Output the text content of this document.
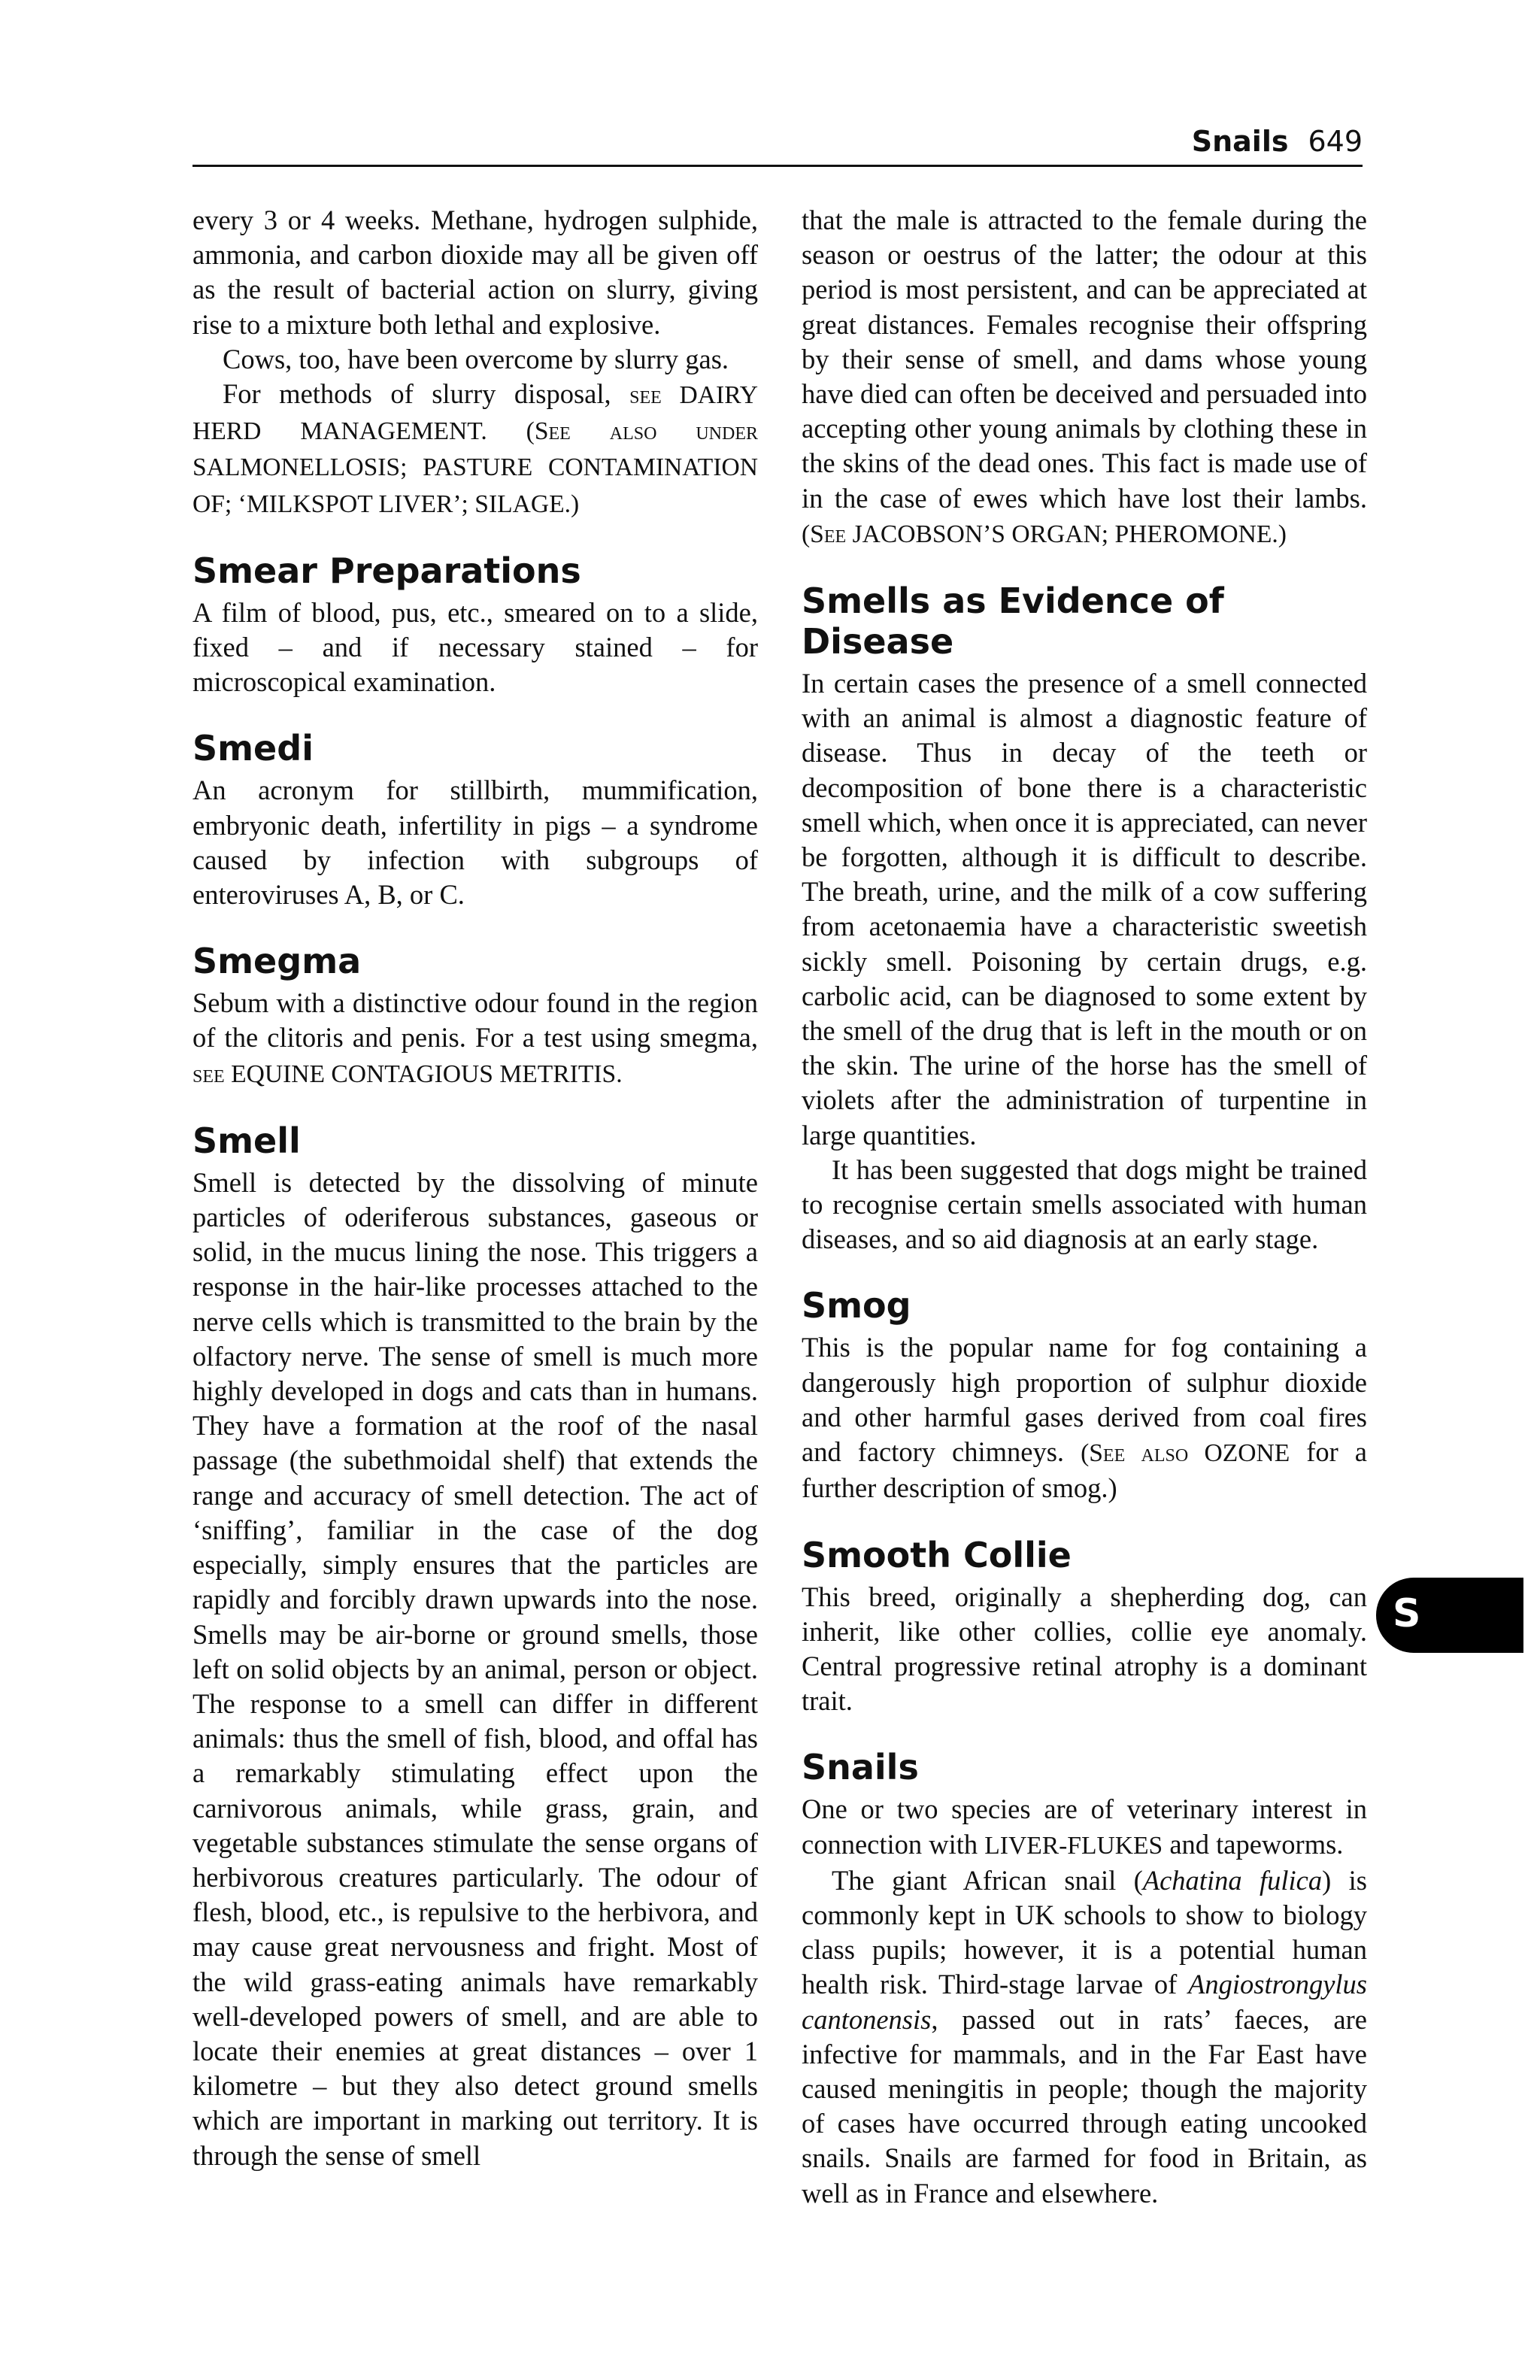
Snails 649

every 3 or 4 weeks. Methane, hydrogen sulphide, ammonia, and carbon dioxide may all be given off as the result of bacterial action on slurry, giving rise to a mixture both lethal and explosive.

Cows, too, have been overcome by slurry gas.

For methods of slurry disposal, see DAIRY HERD MANAGEMENT. (See also under SALMONELLOSIS; PASTURE CONTAMINATION OF; ‘MILKSPOT LIVER’; SILAGE.)

Smear Preparations

A film of blood, pus, etc., smeared on to a slide, fixed – and if necessary stained – for microscopical examination.

Smedi

An acronym for stillbirth, mummification, embryonic death, infertility in pigs – a syndrome caused by infection with subgroups of enteroviruses A, B, or C.

Smegma

Sebum with a distinctive odour found in the region of the clitoris and penis. For a test using smegma, see EQUINE CONTAGIOUS METRITIS.

Smell

Smell is detected by the dissolving of minute particles of oderiferous substances, gaseous or solid, in the mucus lining the nose. This triggers a response in the hair-like processes attached to the nerve cells which is transmitted to the brain by the olfactory nerve. The sense of smell is much more highly developed in dogs and cats than in humans. They have a formation at the roof of the nasal passage (the subethmoidal shelf) that extends the range and accuracy of smell detection. The act of ‘sniffing’, familiar in the case of the dog especially, simply ensures that the particles are rapidly and forcibly drawn upwards into the nose. Smells may be air-borne or ground smells, those left on solid objects by an animal, person or object. The response to a smell can differ in different animals: thus the smell of fish, blood, and offal has a remarkably stimulating effect upon the carnivorous animals, while grass, grain, and vegetable substances stimulate the sense organs of herbivorous creatures particularly. The odour of flesh, blood, etc., is repulsive to the herbivora, and may cause great nervousness and fright. Most of the wild grass-eating animals have remarkably well-developed powers of smell, and are able to locate their enemies at great distances – over 1 kilometre – but they also detect ground smells which are important in marking out territory. It is through the sense of smell

that the male is attracted to the female during the season or oestrus of the latter; the odour at this period is most persistent, and can be appreciated at great distances. Females recognise their offspring by their sense of smell, and dams whose young have died can often be deceived and persuaded into accepting other young animals by clothing these in the skins of the dead ones. This fact is made use of in the case of ewes which have lost their lambs. (See JACOBSON’S ORGAN; PHEROMONE.)

Smells as Evidence of Disease

In certain cases the presence of a smell connected with an animal is almost a diagnostic feature of disease. Thus in decay of the teeth or decomposition of bone there is a characteristic smell which, when once it is appreciated, can never be forgotten, although it is difficult to describe. The breath, urine, and the milk of a cow suffering from acetonaemia have a characteristic sweetish sickly smell. Poisoning by certain drugs, e.g. carbolic acid, can be diagnosed to some extent by the smell of the drug that is left in the mouth or on the skin. The urine of the horse has the smell of violets after the administration of turpentine in large quantities.

It has been suggested that dogs might be trained to recognise certain smells associated with human diseases, and so aid diagnosis at an early stage.

Smog

This is the popular name for fog containing a dangerously high proportion of sulphur dioxide and other harmful gases derived from coal fires and factory chimneys. (See also OZONE for a further description of smog.)

Smooth Collie

This breed, originally a shepherding dog, can inherit, like other collies, collie eye anomaly. Central progressive retinal atrophy is a dominant trait.

Snails

One or two species are of veterinary interest in connection with LIVER-FLUKES and tapeworms.

The giant African snail (Achatina fulica) is commonly kept in UK schools to show to biology class pupils; however, it is a potential human health risk. Third-stage larvae of Angiostrongylus cantonensis, passed out in rats’ faeces, are infective for mammals, and in the Far East have caused meningitis in people; though the majority of cases have occurred through eating uncooked snails. Snails are farmed for food in Britain, as well as in France and elsewhere.

S
